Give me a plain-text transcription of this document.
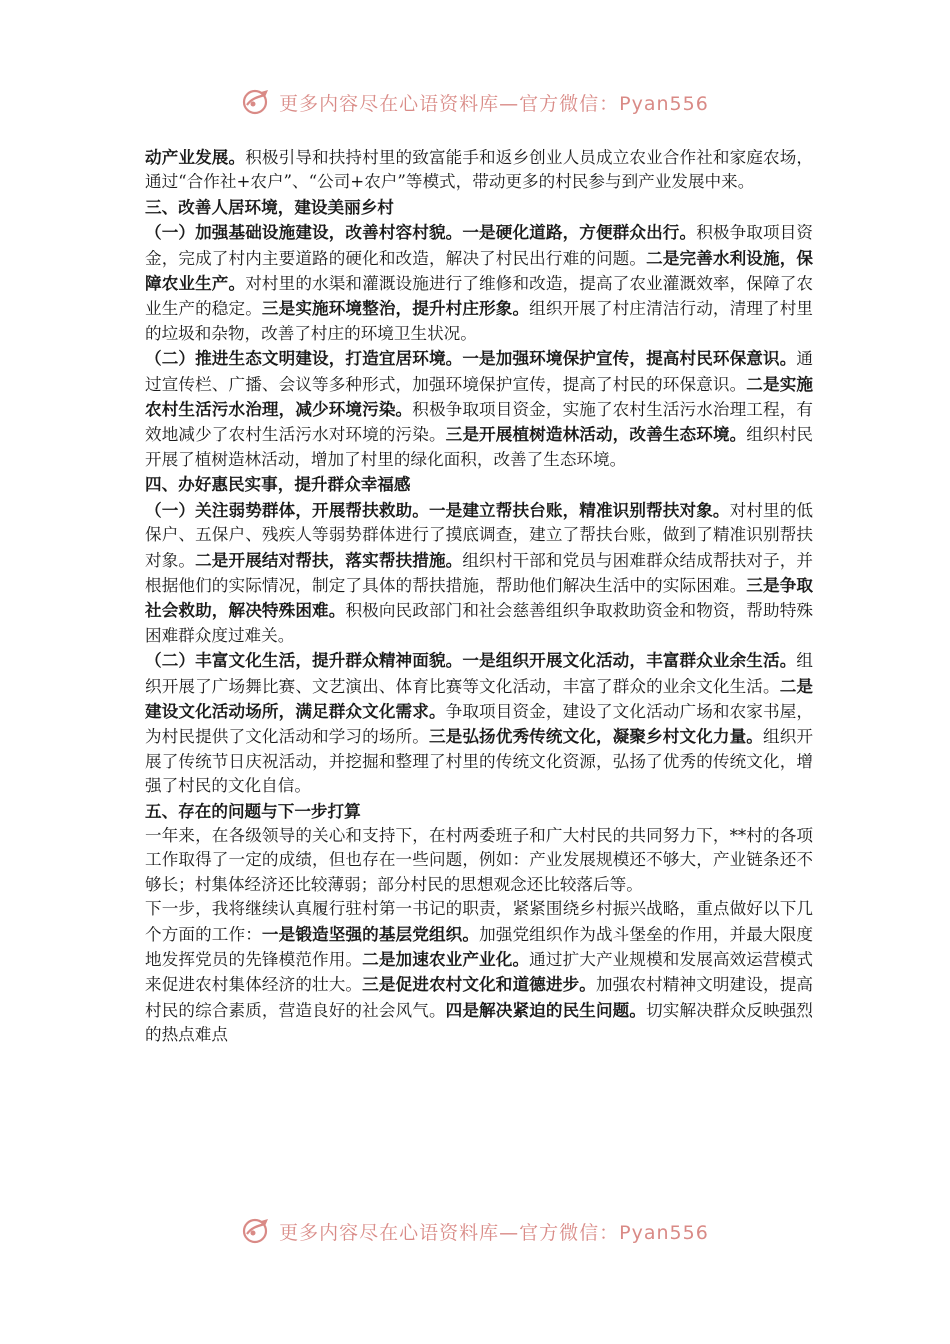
更多内容尽在心语资料库—官方微信：Pyan556

动产业发展。积极引导和扶持村里的致富能手和返乡创业人员成立农业合作社和家庭农场，通过“合作社+农户”、“公司+农户”等模式，带动更多的村民参与到产业发展中来。

三、改善人居环境，建设美丽乡村

（一）加强基础设施建设，改善村容村貌。一是硬化道路，方便群众出行。积极争取项目资金，完成了村内主要道路的硬化和改造，解决了村民出行难的问题。二是完善水利设施，保障农业生产。对村里的水渠和灌溉设施进行了维修和改造，提高了农业灌溉效率，保障了农业生产的稳定。三是实施环境整治，提升村庄形象。组织开展了村庄清洁行动，清理了村里的垃圾和杂物，改善了村庄的环境卫生状况。

（二）推进生态文明建设，打造宜居环境。一是加强环境保护宣传，提高村民环保意识。通过宣传栏、广播、会议等多种形式，加强环境保护宣传，提高了村民的环保意识。二是实施农村生活污水治理，减少环境污染。积极争取项目资金，实施了农村生活污水治理工程，有效地减少了农村生活污水对环境的污染。三是开展植树造林活动，改善生态环境。组织村民开展了植树造林活动，增加了村里的绿化面积，改善了生态环境。

四、办好惠民实事，提升群众幸福感

（一）关注弱势群体，开展帮扶救助。一是建立帮扶台账，精准识别帮扶对象。对村里的低保户、五保户、残疾人等弱势群体进行了摸底调查，建立了帮扶台账，做到了精准识别帮扶对象。二是开展结对帮扶，落实帮扶措施。组织村干部和党员与困难群众结成帮扶对子，并根据他们的实际情况，制定了具体的帮扶措施，帮助他们解决生活中的实际困难。三是争取社会救助，解决特殊困难。积极向民政部门和社会慈善组织争取救助资金和物资，帮助特殊困难群众度过难关。

（二）丰富文化生活，提升群众精神面貌。一是组织开展文化活动，丰富群众业余生活。组织开展了广场舞比赛、文艺演出、体育比赛等文化活动，丰富了群众的业余文化生活。二是建设文化活动场所，满足群众文化需求。争取项目资金，建设了文化活动广场和农家书屋，为村民提供了文化活动和学习的场所。三是弘扬优秀传统文化，凝聚乡村文化力量。组织开展了传统节日庆祝活动，并挖掘和整理了村里的传统文化资源，弘扬了优秀的传统文化，增强了村民的文化自信。

五、存在的问题与下一步打算

一年来，在各级领导的关心和支持下，在村两委班子和广大村民的共同努力下，**村的各项工作取得了一定的成绩，但也存在一些问题，例如：产业发展规模还不够大，产业链条还不够长；村集体经济还比较薄弱；部分村民的思想观念还比较落后等。

下一步，我将继续认真履行驻村第一书记的职责，紧紧围绕乡村振兴战略，重点做好以下几个方面的工作：一是锻造坚强的基层党组织。加强党组织作为战斗堡垒的作用，并最大限度地发挥党员的先锋模范作用。二是加速农业产业化。通过扩大产业规模和发展高效运营模式来促进农村集体经济的壮大。三是促进农村文化和道德进步。加强农村精神文明建设，提高村民的综合素质，营造良好的社会风气。四是解决紧迫的民生问题。切实解决群众反映强烈的热点难点

更多内容尽在心语资料库—官方微信：Pyan556
